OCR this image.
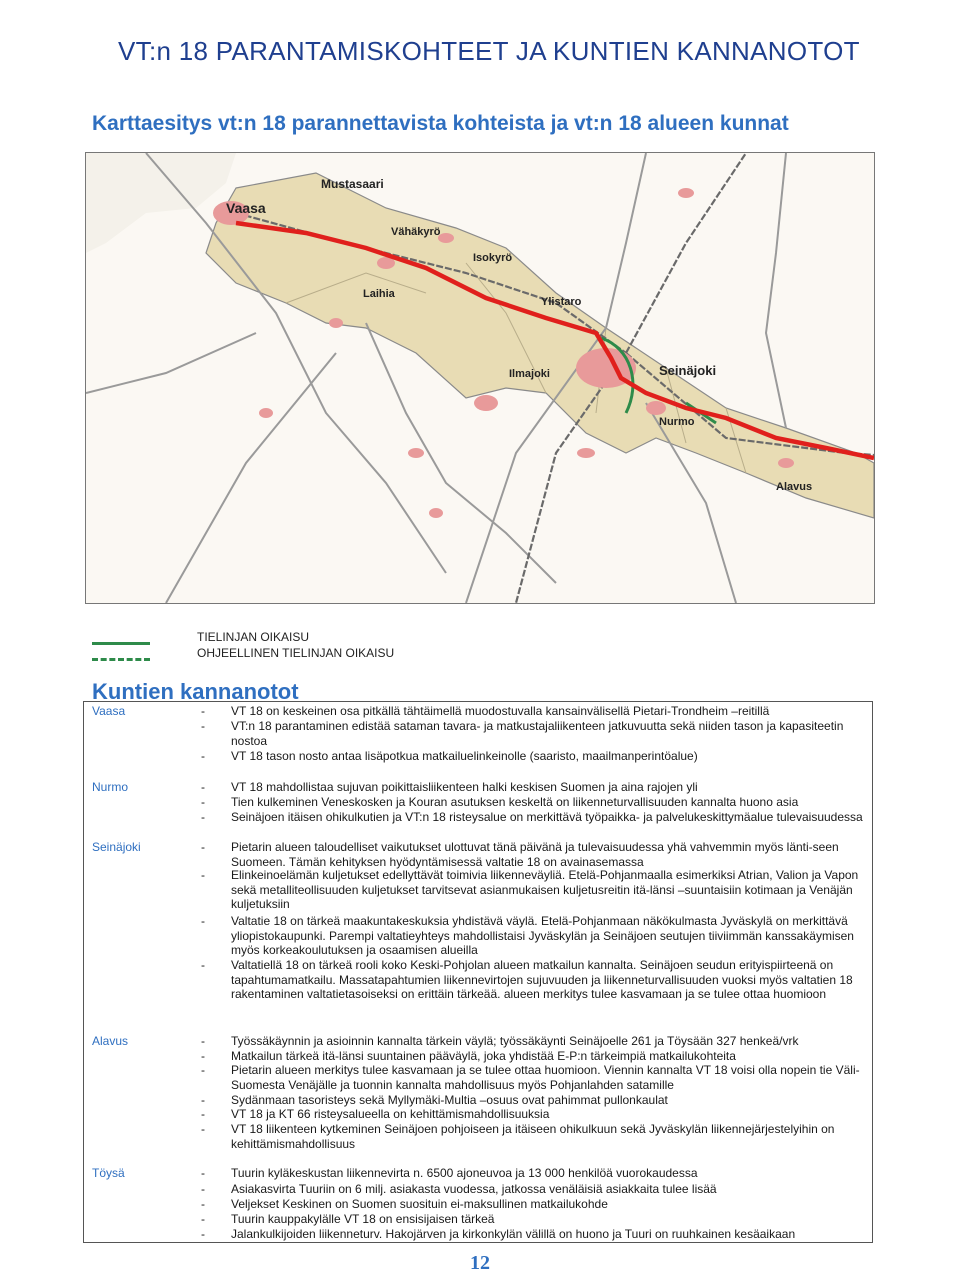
VT:n 18 PARANTAMISKOHTEET JA KUNTIEN KANNANOTOT
Karttaesitys vt:n 18 parannettavista kohteista ja vt:n 18 alueen kunnat
Mustasaari
Vaasa
Vähäkyrö
Isokyrö
Laihia
Ylistaro
Ilmajoki	Seinäjoki
Nurmo
Alavus
TIELINJAN OIKAISU
OHJEELLINEN TIELINJAN OIKAISU
Kuntien kannanotot
Vaasa	- VT 18 on keskeinen osa pitkällä tähtäimellä muodostuvalla kansainvälisellä Pietari-Trondheim –reitillä
- VT:n 18 parantaminen edistää sataman tavara- ja matkustajaliikenteen jatkuvuutta sekä niiden tason ja kapasiteetin nostoa
- VT 18 tason nosto antaa lisäpotkua matkailuelinkeinolle (saaristo, maailmanperintöalue)
Nurmo	- VT 18 mahdollistaa sujuvan poikittaisliikenteen halki keskisen Suomen ja aina rajojen yli
- Tien kulkeminen Veneskosken ja Kouran asutuksen keskeltä on liikenneturvallisuuden kannalta huono asia
- Seinäjoen itäisen ohikulkutien ja VT:n 18 risteysalue on merkittävä työpaikka- ja palvelukeskittymäalue tulevaisuudessa
Seinäjoki	- Pietarin alueen taloudelliset vaikutukset ulottuvat tänä päivänä ja tulevaisuudessa yhä vahvemmin myös länti-seen Suomeen. Tämän kehityksen hyödyntämisessä valtatie 18 on avainasemassa
- Elinkeinoelämän kuljetukset edellyttävät toimivia liikenneväyliä. Etelä-Pohjanmaalla esimerkiksi Atrian, Valion ja Vapon sekä metalliteollisuuden kuljetukset tarvitsevat asianmukaisen kuljetusreitin itä-länsi –suuntaisiin kotimaan ja Venäjän kuljetuksiin
- Valtatie 18 on tärkeä maakuntakeskuksia yhdistävä väylä. Etelä-Pohjanmaan näkökulmasta Jyväskylä on merkittävä yliopistokaupunki. Parempi valtatieyhteys mahdollistaisi Jyväskylän ja Seinäjoen seutujen tiiviimmän kanssakäymisen myös korkeakoulutuksen ja osaamisen alueilla
- Valtatiellä 18 on tärkeä rooli koko Keski-Pohjolan alueen matkailun kannalta. Seinäjoen seudun erityispiirteenä on tapahtumamatkailu. Massatapahtumien liikennevirtojen sujuvuuden ja liikenneturvallisuuden vuoksi myös valtatien 18 rakentaminen valtatietasoiseksi on erittäin tärkeää. alueen merkitys tulee kasvamaan ja se tulee ottaa huomioon
Alavus	- Työssäkäynnin ja asioinnin kannalta tärkein väylä; työssäkäynti Seinäjoelle 261 ja Töysään 327 henkeä/vrk
- Matkailun tärkeä itä-länsi suuntainen pääväylä, joka yhdistää E-P:n tärkeimpiä matkailukohteita
- Pietarin alueen merkitys tulee kasvamaan ja se tulee ottaa huomioon. Viennin kannalta VT 18 voisi olla nopein tie Väli-Suomesta Venäjälle ja tuonnin kannalta mahdollisuus myös Pohjanlahden satamille
- Sydänmaan tasoristeys sekä Myllymäki-Multia –osuus ovat pahimmat pullonkaulat
- VT 18 ja KT 66 risteysalueella on kehittämismahdollisuuksia
- VT 18 liikenteen kytkeminen Seinäjoen pohjoiseen ja itäiseen ohikulkuun sekä Jyväskylän liikennejärjestelyihin on kehittämismahdollisuus
Töysä	- Tuurin kyläkeskustan liikennevirta n. 6500 ajoneuvoa ja 13 000 henkilöä vuorokaudessa
- Asiakasvirta Tuuriin on 6 milj. asiakasta vuodessa, jatkossa venäläisiä asiakkaita tulee lisää
- Veljekset Keskinen on Suomen suosituin ei-maksullinen matkailukohde
- Tuurin kauppakylälle VT 18 on ensisijaisen tärkeä
- Jalankulkijoiden liikenneturv. Hakojärven ja kirkonkylän välillä on huono ja Tuuri on ruuhkainen kesäaikaan
12
